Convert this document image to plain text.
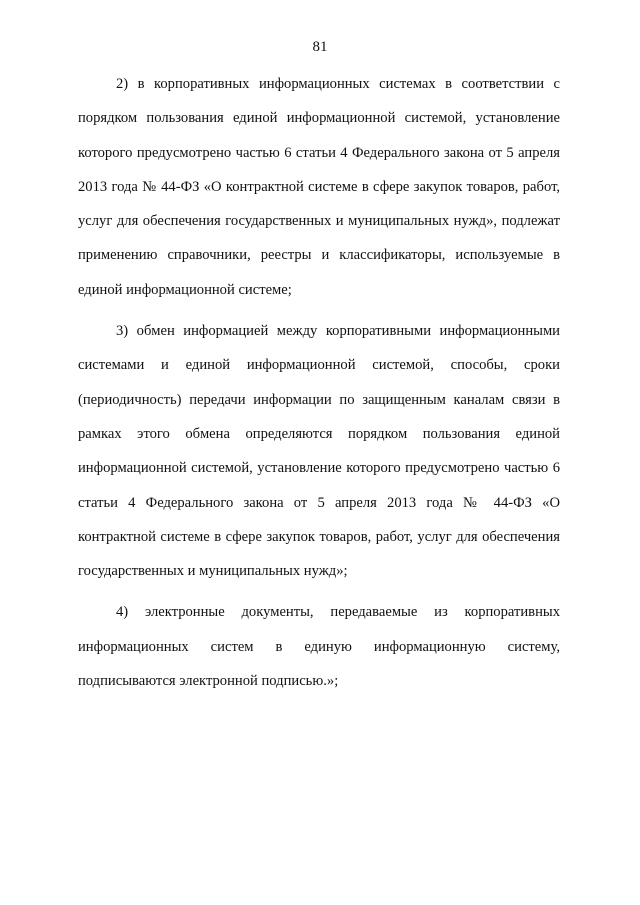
81

2) в корпоративных информационных системах в соответствии с порядком пользования единой информационной системой, установление которого предусмотрено частью 6 статьи 4 Федерального закона от 5 апреля 2013 года № 44-ФЗ «О контрактной системе в сфере закупок товаров, работ, услуг для обеспечения государственных и муниципальных нужд», подлежат применению справочники, реестры и классификаторы, используемые в единой информационной системе;

3) обмен информацией между корпоративными информационными системами и единой информационной системой, способы, сроки (периодичность) передачи информации по защищенным каналам связи в рамках этого обмена определяются порядком пользования единой информационной системой, установление которого предусмотрено частью 6 статьи 4 Федерального закона от 5 апреля 2013 года № 44-ФЗ «О контрактной системе в сфере закупок товаров, работ, услуг для обеспечения государственных и муниципальных нужд»;

4) электронные документы, передаваемые из корпоративных информационных систем в единую информационную систему, подписываются электронной подписью.»;
